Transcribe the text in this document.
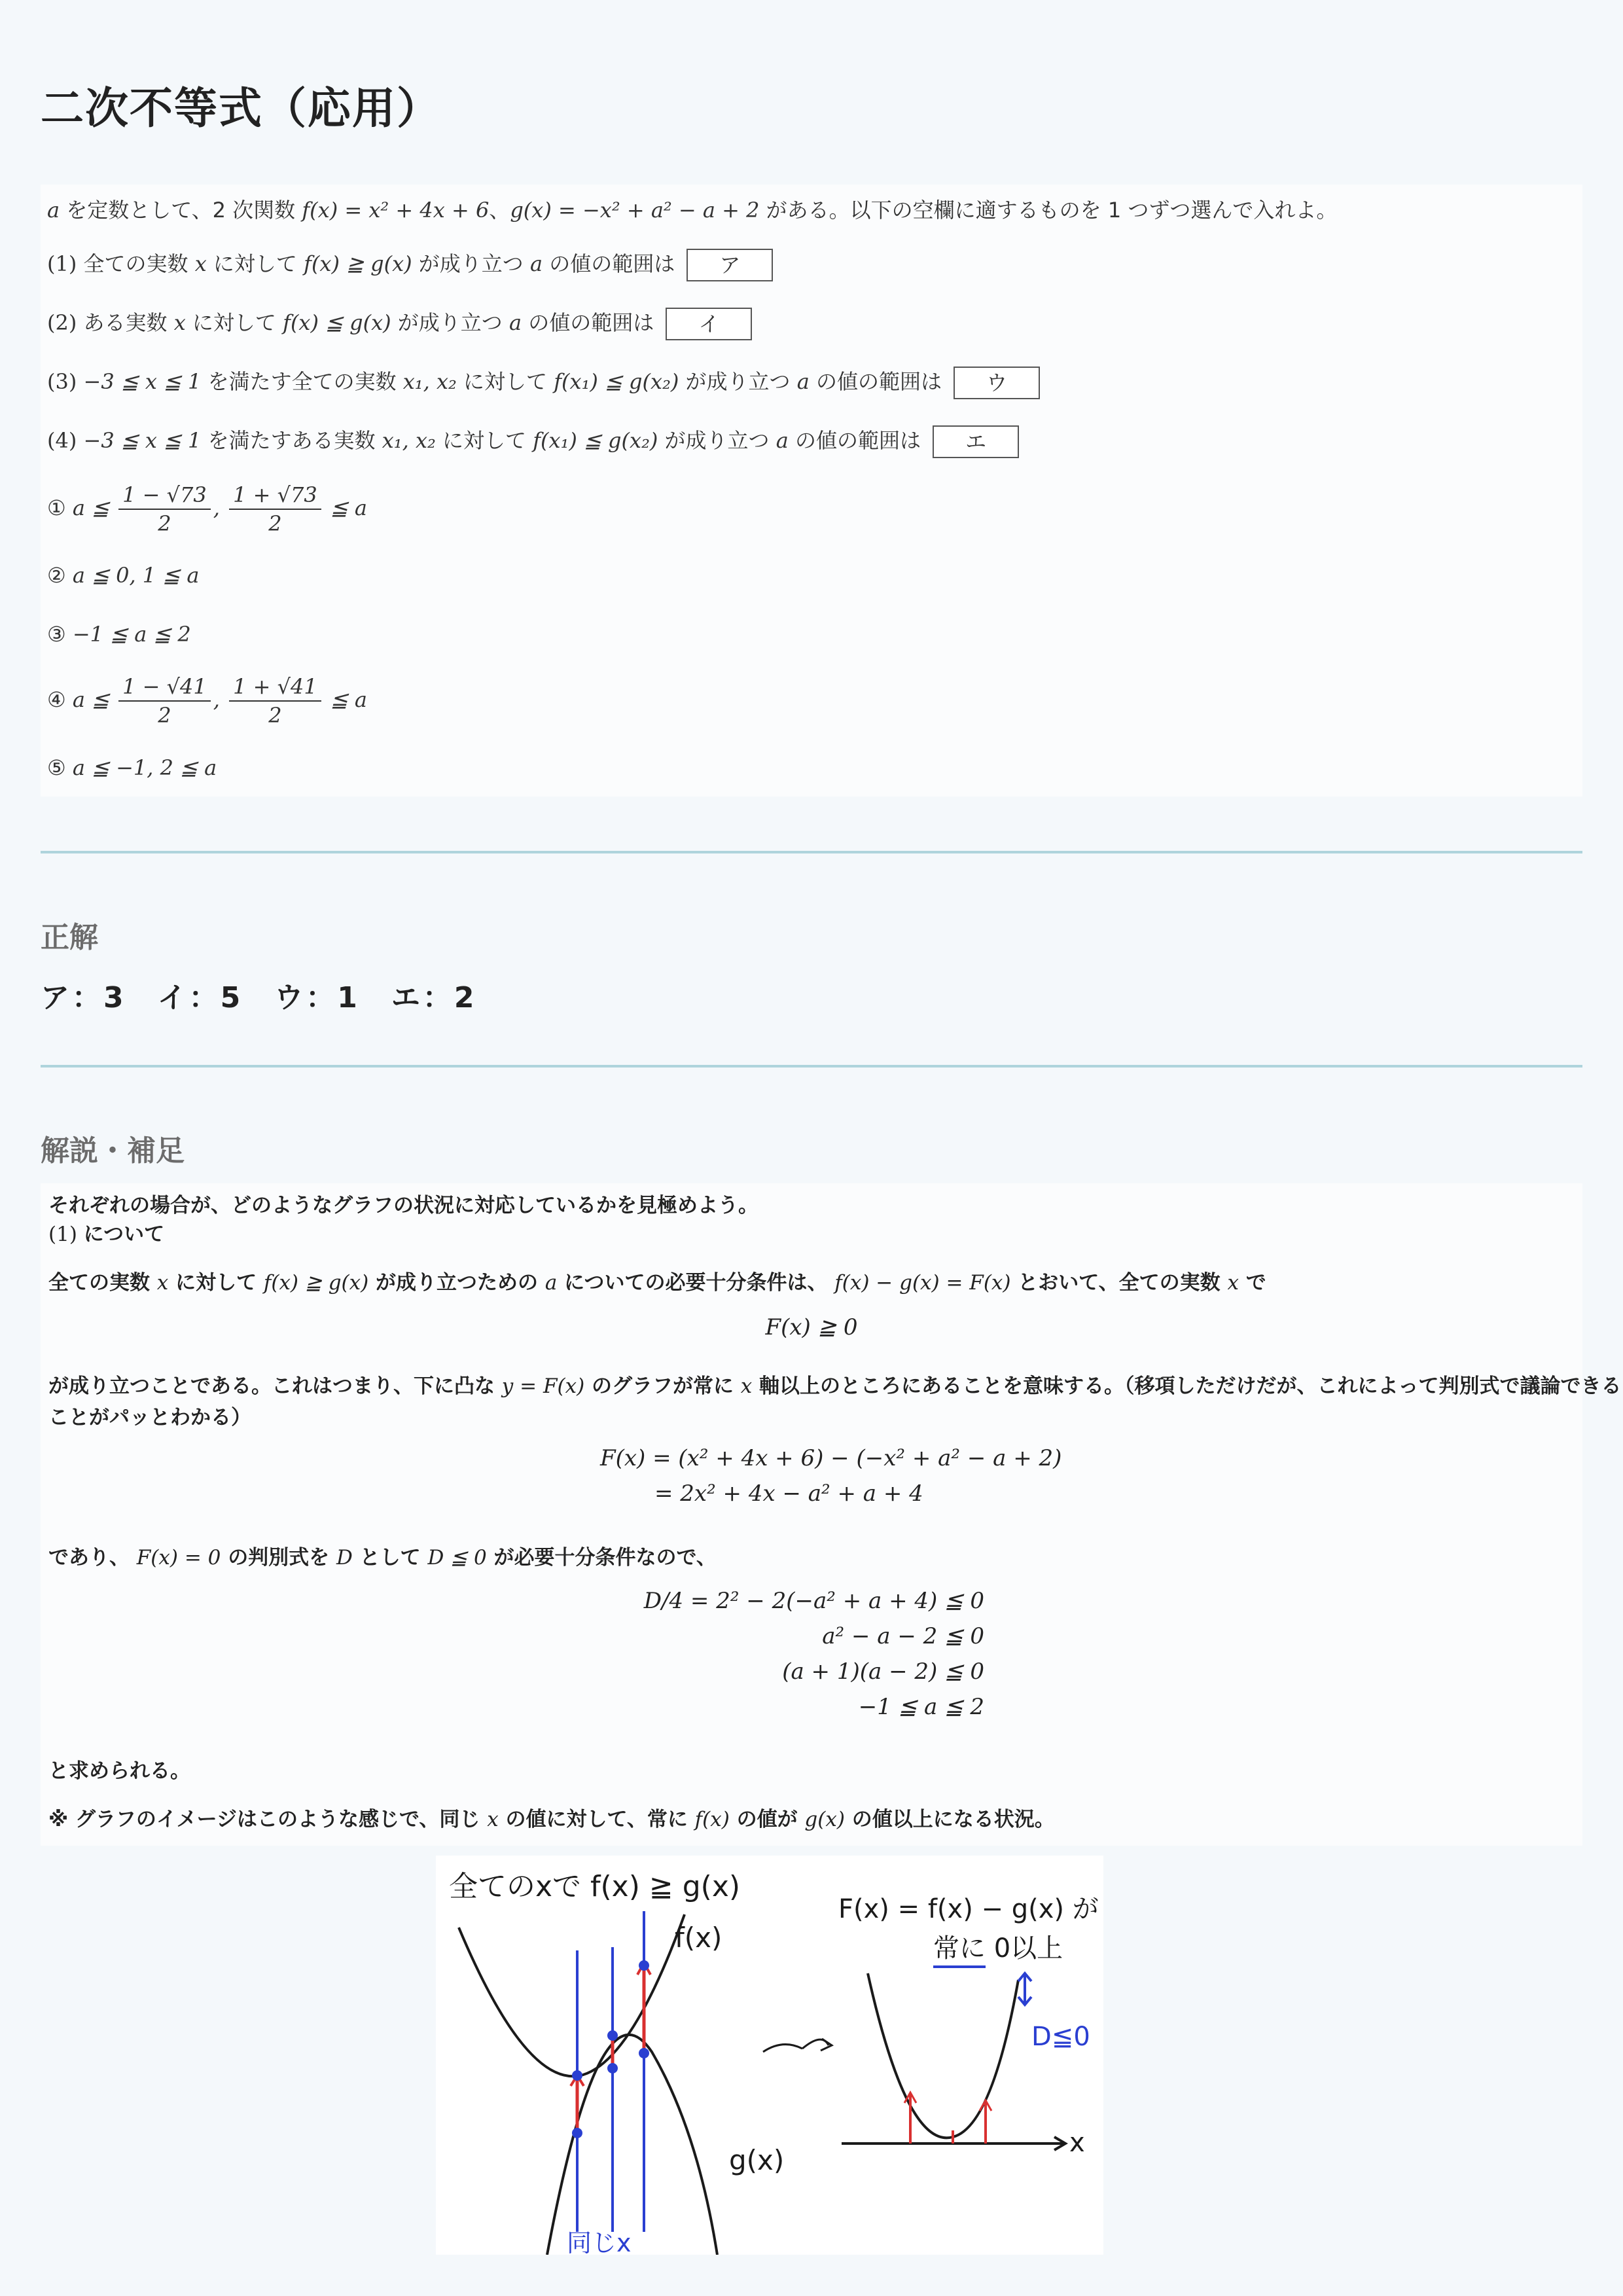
二次不等式（応用）
a を定数として、2 次関数 f(x) = x² + 4x + 6、g(x) = −x² + a² − a + 2 がある。以下の空欄に適するものを 1 つずつ選んで入れよ。
(1) 全ての実数 x に対して f(x) ≧ g(x) が成り立つ a の値の範囲は ア
(2) ある実数 x に対して f(x) ≦ g(x) が成り立つ a の値の範囲は イ
(3) −3 ≦ x ≦ 1 を満たす全ての実数 x₁, x₂ に対して f(x₁) ≦ g(x₂) が成り立つ a の値の範囲は ウ
(4) −3 ≦ x ≦ 1 を満たすある実数 x₁, x₂ に対して f(x₁) ≦ g(x₂) が成り立つ a の値の範囲は エ
① a ≦ $\frac{1 - √73}{2}$ , $\frac{1 + √73}{2}$ ≦ a
② a ≦ 0, 1 ≦ a
③ −1 ≦ a ≦ 2
④ a ≦ $\frac{1 - √41}{2}$ , $\frac{1 + √41}{2}$ ≦ a
⑤ a ≦ −1, 2 ≦ a
正解
ア：3　イ：5　ウ：1　エ：2
解説・補足
それぞれの場合が、どのようなグラフの状況に対応しているかを見極めよう。
(1) について
全ての実数 x に対して f(x) ≧ g(x) が成り立つための a についての必要十分条件は、 f(x) − g(x) = F(x) とおいて、全ての実数 x で
F(x) ≧ 0
が成り立つことである。これはつまり、下に凸な y = F(x) のグラフが常に x 軸以上のところにあることを意味する。（移項しただけだが、これによって判別式で議論できる
ことがパッとわかる）
F(x) = (x² + 4x + 6) − (−x² + a² − a + 2)
= 2x² + 4x − a² + a + 4
であり、 F(x) = 0 の判別式を D として D ≦ 0 が必要十分条件なので、
D/4 = 2² − 2(−a² + a + 4) ≦ 0
a² − a − 2 ≦ 0
(a + 1)(a − 2) ≦ 0
−1 ≦ a ≦ 2
と求められる。
※ グラフのイメージはこのような感じで、同じ x の値に対して、常に f(x) の値が g(x) の値以上になる状況。
全てのxで f(x) ≧ g(x)
f(x)
g(x)
同じx
F(x) = f(x) − g(x) が
常に 0以上
x
D≦0
